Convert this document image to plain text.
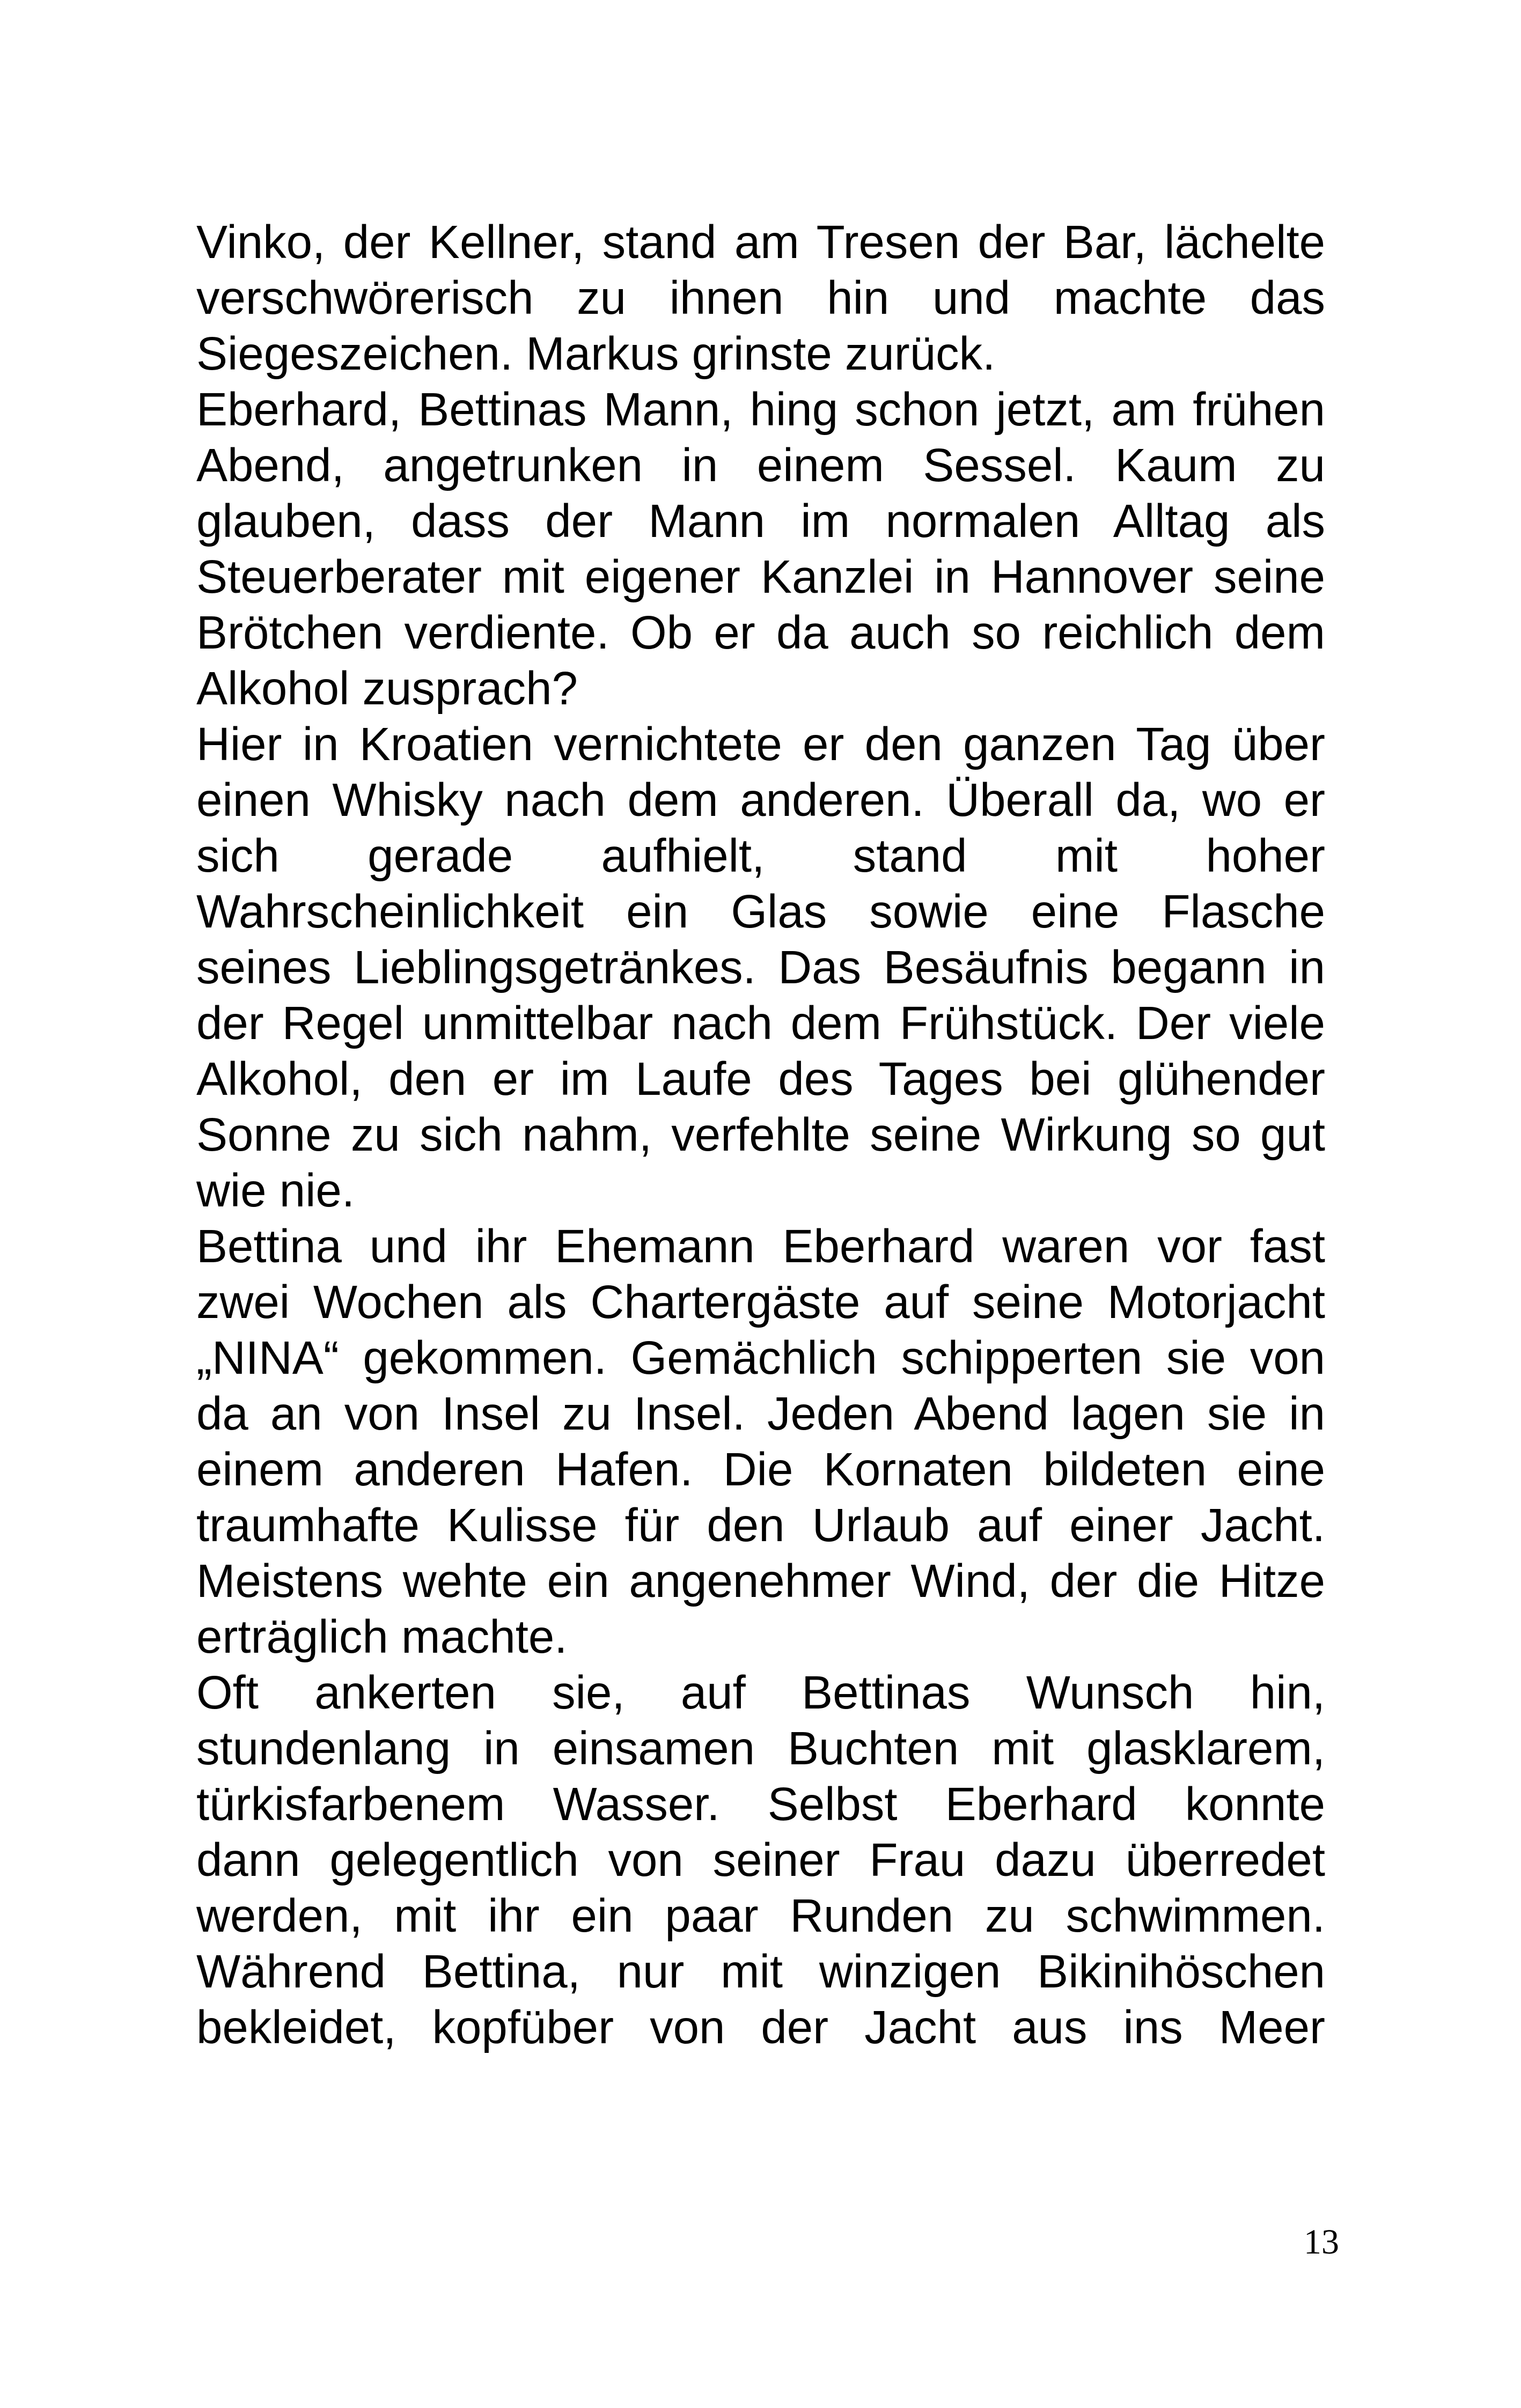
Vinko, der Kellner, stand am Tresen der Bar, lächelte
verschwörerisch zu ihnen hin und machte das
Siegeszeichen. Markus grinste zurück.

Eberhard, Bettinas Mann, hing schon jetzt, am frühen
Abend, angetrunken in einem Sessel. Kaum zu
glauben, dass der Mann im normalen Alltag als
Steuerberater mit eigener Kanzlei in Hannover seine
Brötchen verdiente. Ob er da auch so reichlich dem
Alkohol zusprach?

Hier in Kroatien vernichtete er den ganzen Tag über
einen Whisky nach dem anderen. Überall da, wo er
sich gerade aufhielt, stand mit hoher
Wahrscheinlichkeit ein Glas sowie eine Flasche
seines Lieblingsgetränkes. Das Besäufnis begann in
der Regel unmittelbar nach dem Frühstück. Der viele
Alkohol, den er im Laufe des Tages bei glühender
Sonne zu sich nahm, verfehlte seine Wirkung so gut
wie nie.

Bettina und ihr Ehemann Eberhard waren vor fast
zwei Wochen als Chartergäste auf seine Motorjacht
„NINA“ gekommen. Gemächlich schipperten sie von
da an von Insel zu Insel. Jeden Abend lagen sie in
einem anderen Hafen. Die Kornaten bildeten eine
traumhafte Kulisse für den Urlaub auf einer Jacht.
Meistens wehte ein angenehmer Wind, der die Hitze
erträglich machte.

Oft ankerten sie, auf Bettinas Wunsch hin,
stundenlang in einsamen Buchten mit glasklarem,
türkisfarbenem Wasser. Selbst Eberhard konnte
dann gelegentlich von seiner Frau dazu überredet
werden, mit ihr ein paar Runden zu schwimmen.
Während Bettina, nur mit winzigen Bikinihöschen
bekleidet, kopfüber von der Jacht aus ins Meer

13
